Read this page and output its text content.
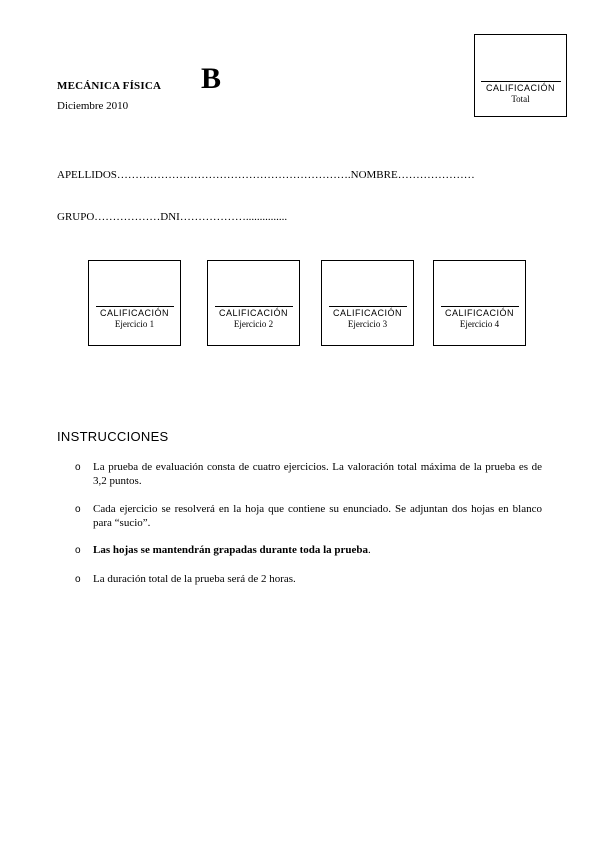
MECÁNICA FÍSICA B
Diciembre 2010
CALIFICACIÓN
Total
APELLIDOS……………………………………………………….NOMBRE…………………
GRUPO………………DNI………………...............
CALIFICACIÓN
Ejercicio 1
CALIFICACIÓN
Ejercicio 2
CALIFICACIÓN
Ejercicio 3
CALIFICACIÓN
Ejercicio 4
INSTRUCCIONES
o La prueba de evaluación consta de cuatro ejercicios. La valoración total máxima de la prueba es de 3,2 puntos.
o Cada ejercicio se resolverá en la hoja que contiene su enunciado. Se adjuntan dos hojas en blanco para “sucio”.
o Las hojas se mantendrán grapadas durante toda la prueba.
o La duración total de la prueba será de 2 horas.
